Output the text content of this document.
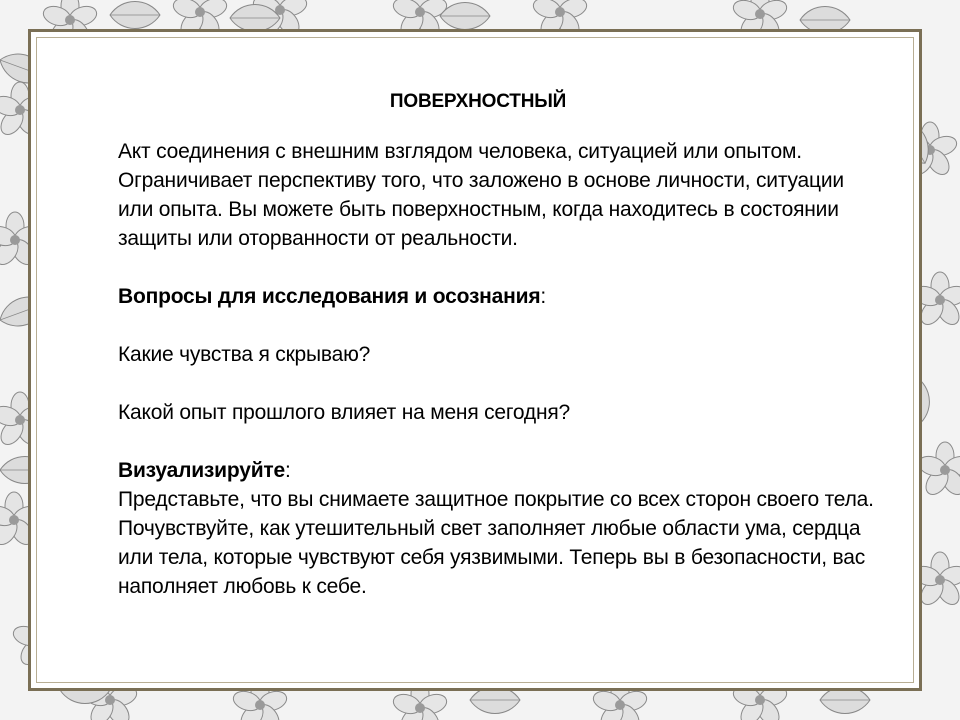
ПОВЕРХНОСТНЫЙ

Акт соединения с внешним взглядом человека, ситуацией или опытом. Ограничивает перспективу того, что заложено в основе личности, ситуации или опыта. Вы можете быть поверхностным, когда находитесь в состоянии защиты или оторванности от реальности.

Вопросы для исследования и осознания:

Какие чувства я скрываю?

Какой опыт прошлого влияет на меня сегодня?

Визуализируйте:

Представьте, что вы снимаете защитное покрытие со всех сторон своего тела. Почувствуйте, как утешительный свет заполняет любые области ума, сердца или тела, которые чувствуют себя уязвимыми. Теперь вы в безопасности, вас наполняет любовь к себе.
